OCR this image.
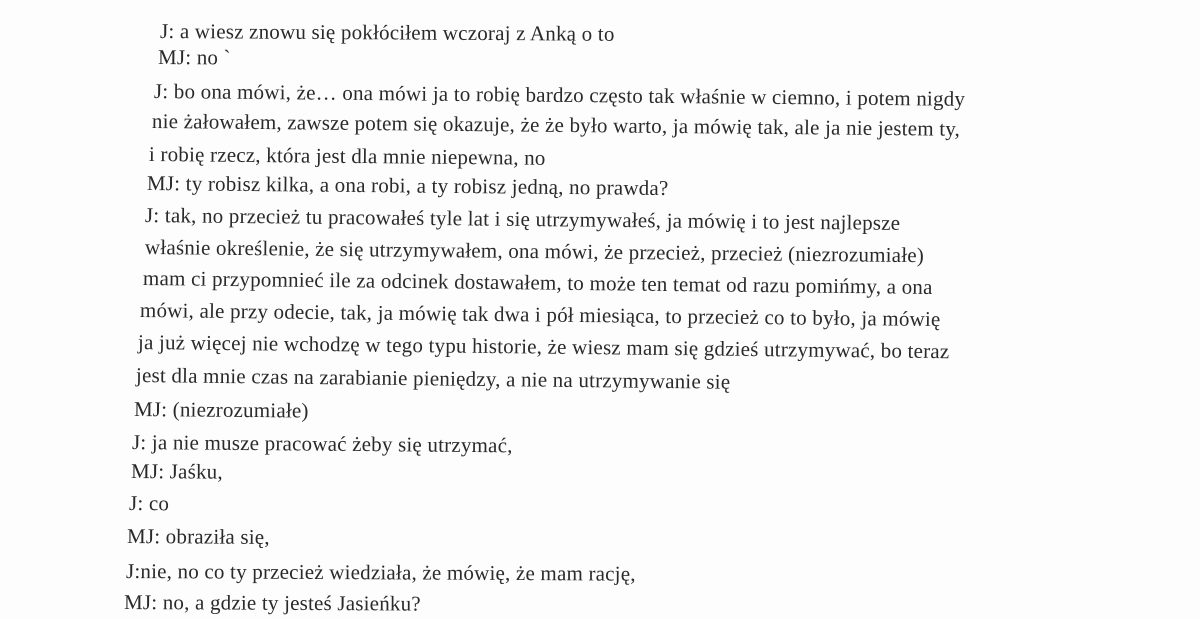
J: a wiesz znowu się pokłóciłem wczoraj z Anką o to
MJ: no `
J: bo ona mówi, że… ona mówi ja to robię bardzo często tak właśnie w ciemno, i potem nigdy
nie żałowałem, zawsze potem się okazuje, że że było warto, ja mówię tak, ale ja nie jestem ty,
i robię rzecz, która jest dla mnie niepewna, no
MJ: ty robisz kilka, a ona robi, a ty robisz jedną, no prawda?
J: tak, no przecież tu pracowałeś tyle lat i się utrzymywałeś, ja mówię i to jest najlepsze
właśnie określenie, że się utrzymywałem, ona mówi, że przecież, przecież (niezrozumiałe)
mam ci przypomnieć ile za odcinek dostawałem, to może ten temat od razu pomińmy, a ona
mówi, ale przy odecie, tak, ja mówię tak dwa i pół miesiąca, to przecież co to było, ja mówię
ja już więcej nie wchodzę w tego typu historie, że wiesz mam się gdzieś utrzymywać, bo teraz
jest dla mnie czas na zarabianie pieniędzy, a nie na utrzymywanie się
MJ: (niezrozumiałe)
J: ja nie musze pracować żeby się utrzymać,
MJ: Jaśku,
J: co
MJ: obraziła się,
J:nie, no co ty przecież wiedziała, że mówię, że mam rację,
MJ: no, a gdzie ty jesteś Jasieńku?
